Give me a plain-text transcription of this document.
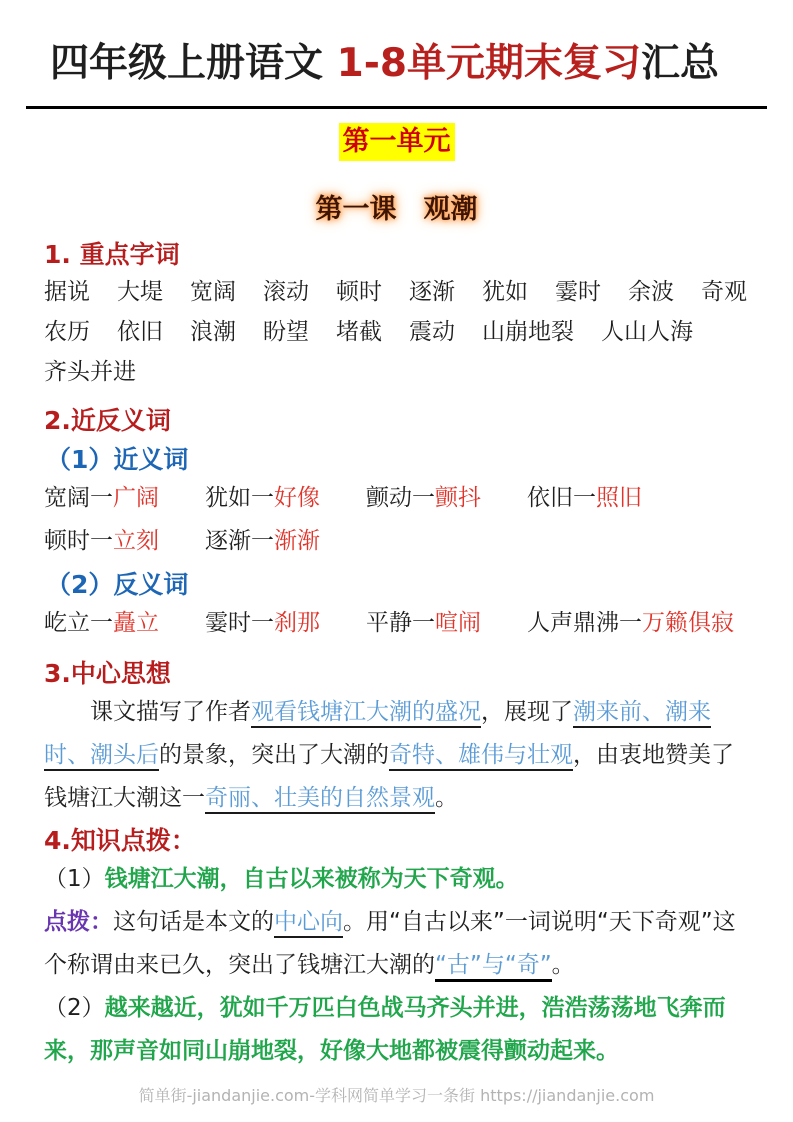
四年级上册语文 1-8单元期末复习汇总
第一单元
第一课　观潮
1. 重点字词
据说 大堤 宽阔 滚动 顿时 逐渐 犹如 霎时 余波 奇观
农历 依旧 浪潮 盼望 堵截 震动 山崩地裂 人山人海
齐头并进
2.近反义词
（1）近义词
宽阔一广阔 犹如一好像 颤动一颤抖 依旧一照旧
顿时一立刻 逐渐一渐渐
（2）反义词
屹立一矗立 霎时一刹那 平静一喧闹 人声鼎沸一万籁俱寂
3.中心思想
课文描写了作者观看钱塘江大潮的盛况，展现了潮来前、潮来时、潮头后的景象，突出了大潮的奇特、雄伟与壮观，由衷地赞美了钱塘江大潮这一奇丽、壮美的自然景观。
4.知识点拨：
（1）钱塘江大潮，自古以来被称为天下奇观。
点拨：这句话是本文的中心向。用“自古以来”一词说明“天下奇观”这个称谓由来已久，突出了钱塘江大潮的“古”与“奇”。
（2）越来越近，犹如千万匹白色战马齐头并进，浩浩荡荡地飞奔而来，那声音如同山崩地裂，好像大地都被震得颤动起来。
简单街-jiandanjie.com-学科网简单学习一条街 https://jiandanjie.com
